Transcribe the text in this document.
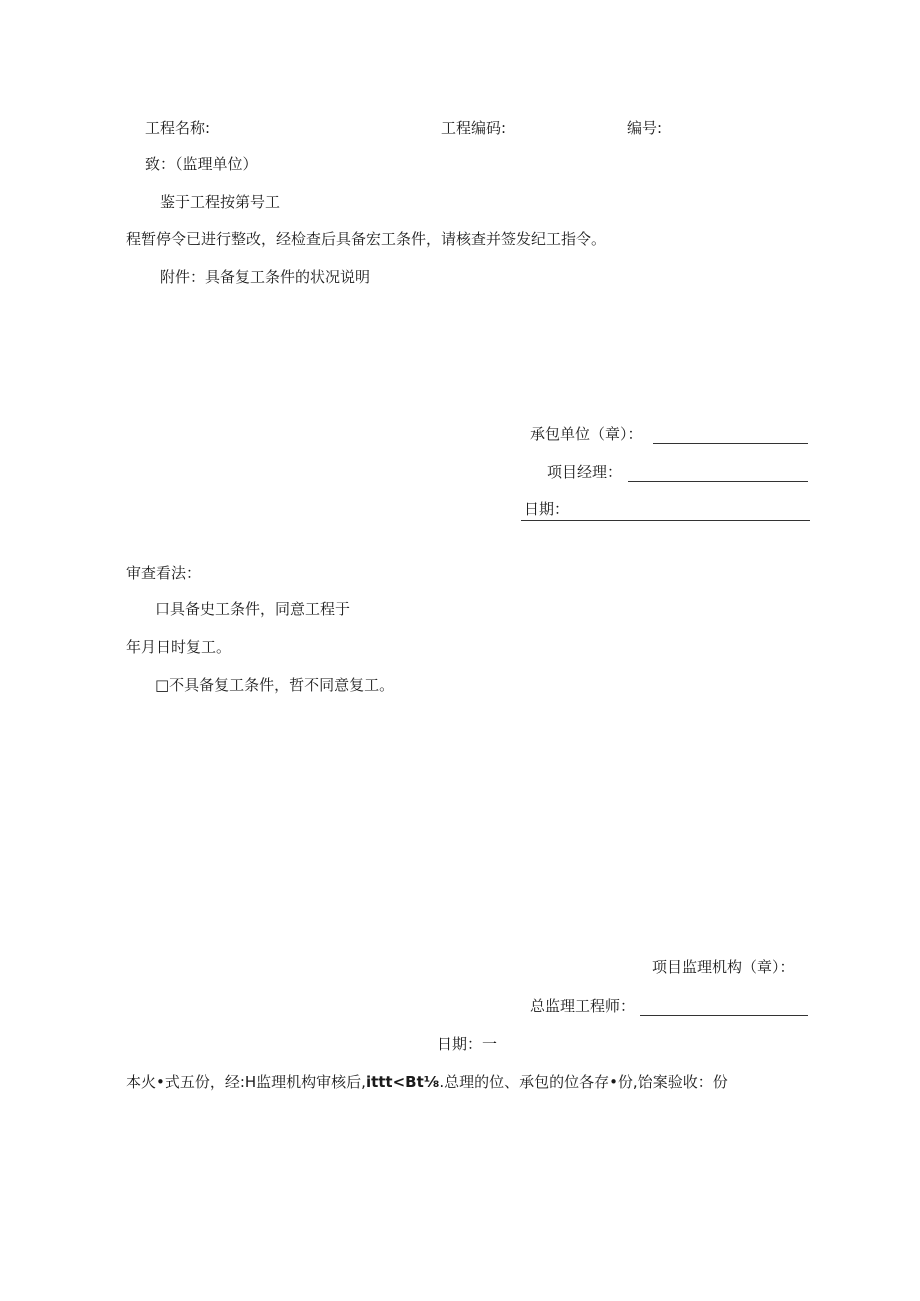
工程名称:	工程编码:	编号:
致：（监理单位）
鉴于工程按第号工
程暂停令已进行整改，经检查后具备宏工条件，请核查并签发纪工指令。
附件：具备复工条件的状况说明
承包单位（章）：
项目经理：
日期：
审查看法：
口具备史工条件，同意工程于
年月日时复工。
□不具备复工条件，哲不同意复工。
项目监理机构（章）：
总监理工程师：
日期：一
本火•式五份，经:H监理机构审核后,ittt<Bt⅛.总理的位、承包的位各存•份,饴案验收：份
